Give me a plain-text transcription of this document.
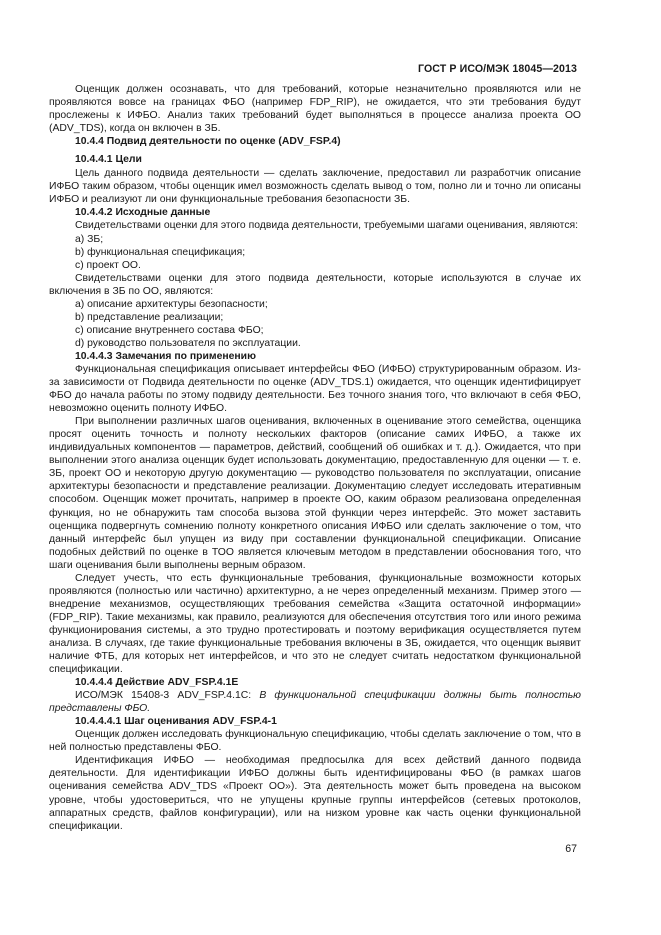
ГОСТ Р ИСО/МЭК 18045—2013

Оценщик должен осознавать, что для требований, которые незначительно проявляются или не проявляются вовсе на границах ФБО (например FDP_RIP), не ожидается, что эти требования будут прослежены к ИФБО. Анализ таких требований будет выполняться в процессе анализа проекта ОО (ADV_TDS), когда он включен в ЗБ.

10.4.4 Подвид деятельности по оценке (ADV_FSP.4)
10.4.4.1 Цели

Цель данного подвида деятельности — сделать заключение, предоставил ли разработчик описание ИФБО таким образом, чтобы оценщик имел возможность сделать вывод о том, полно ли и точно ли описаны ИФБО и реализуют ли они функциональные требования безопасности ЗБ.

10.4.4.2 Исходные данные

Свидетельствами оценки для этого подвида деятельности, требуемыми шагами оценивания, являются:

а) ЗБ;
b) функциональная спецификация;
с) проект ОО.

Свидетельствами оценки для этого подвида деятельности, которые используются в случае их включения в ЗБ по ОО, являются:

а) описание архитектуры безопасности;
b) представление реализации;
с) описание внутреннего состава ФБО;
d) руководство пользователя по эксплуатации.
10.4.4.3 Замечания по применению

Функциональная спецификация описывает интерфейсы ФБО (ИФБО) структурированным образом. Из-за зависимости от Подвида деятельности по оценке (ADV_TDS.1) ожидается, что оценщик идентифицирует ФБО до начала работы по этому подвиду деятельности. Без точного знания того, что включают в себя ФБО, невозможно оценить полноту ИФБО.

При выполнении различных шагов оценивания, включенных в оценивание этого семейства, оценщика просят оценить точность и полноту нескольких факторов (описание самих ИФБО, а также их индивидуальных компонентов — параметров, действий, сообщений об ошибках и т. д.). Ожидается, что при выполнении этого анализа оценщик будет использовать документацию, предоставленную для оценки — т. е. ЗБ, проект ОО и некоторую другую документацию — руководство пользователя по эксплуатации, описание архитектуры безопасности и представление реализации. Документацию следует исследовать итеративным способом. Оценщик может прочитать, например в проекте ОО, каким образом реализована определенная функция, но не обнаружить там способа вызова этой функции через интерфейс. Это может заставить оценщика подвергнуть сомнению полноту конкретного описания ИФБО или сделать заключение о том, что данный интерфейс был упущен из виду при составлении функциональной спецификации. Описание подобных действий по оценке в ТОО является ключевым методом в представлении обоснования того, что шаги оценивания были выполнены верным образом.

Следует учесть, что есть функциональные требования, функциональные возможности которых проявляются (полностью или частично) архитектурно, а не через определенный механизм. Пример этого — внедрение механизмов, осуществляющих требования семейства «Защита остаточной информации» (FDP_RIP). Такие механизмы, как правило, реализуются для обеспечения отсутствия того или иного режима функционирования системы, а это трудно протестировать и поэтому верификация осуществляется путем анализа. В случаях, где такие функциональные требования включены в ЗБ, ожидается, что оценщик выявит наличие ФТБ, для которых нет интерфейсов, и что это не следует считать недостатком функциональной спецификации.

10.4.4.4 Действие ADV_FSP.4.1E

ИСО/МЭК 15408-3 ADV_FSP.4.1C: В функциональной спецификации должны быть полностью представлены ФБО.

10.4.4.4.1 Шаг оценивания ADV_FSP.4-1

Оценщик должен исследовать функциональную спецификацию, чтобы сделать заключение о том, что в ней полностью представлены ФБО.

Идентификация ИФБО — необходимая предпосылка для всех действий данного подвида деятельности. Для идентификации ИФБО должны быть идентифицированы ФБО (в рамках шагов оценивания семейства ADV_TDS «Проект ОО»). Эта деятельность может быть проведена на высоком уровне, чтобы удостовериться, что не упущены крупные группы интерфейсов (сетевых протоколов, аппаратных средств, файлов конфигурации), или на низком уровне как часть оценки функциональной спецификации.

67
